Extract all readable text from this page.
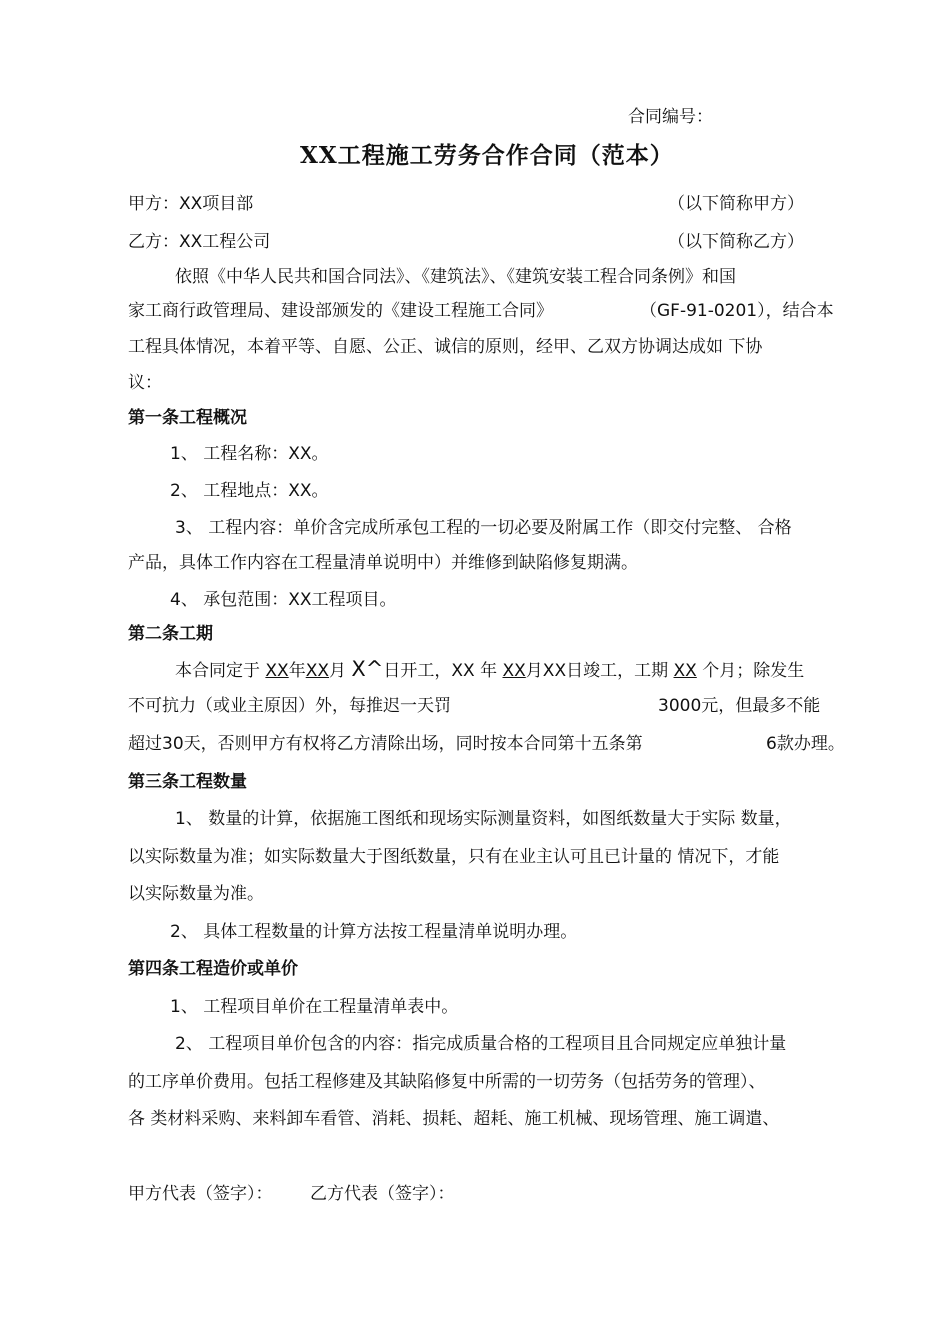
合同编号：
XX工程施工劳务合作合同（范本）
甲方：XX项目部	（以下简称甲方）
乙方：XX工程公司	（以下简称乙方）
依照《中华人民共和国合同法》、《建筑法》、《建筑安装工程合同条例》和国
家工商行政管理局、建设部颁发的《建设工程施工合同》	（GF-91-0201），结合本
工程具体情况，本着平等、自愿、公正、诚信的原则，经甲、乙双方协调达成如 下协
议：
第一条工程概况
1、 工程名称：XX。
2、 工程地点：XX。
3、 工程内容：单价含完成所承包工程的一切必要及附属工作（即交付完整、 合格
产品，具体工作内容在工程量清单说明中）并维修到缺陷修复期满。
4、 承包范围：XX工程项目。
第二条工期
本合同定于 XX年XX月 X^日开工，XX 年 XX月XX日竣工，工期 XX 个月；除发生
不可抗力（或业主原因）外，每推迟一天罚	3000元，但最多不能
超过30天，否则甲方有权将乙方清除出场，同时按本合同第十五条第	6款办理。
第三条工程数量
1、 数量的计算，依据施工图纸和现场实际测量资料，如图纸数量大于实际 数量，
以实际数量为准；如实际数量大于图纸数量，只有在业主认可且已计量的 情况下，才能
以实际数量为准。
2、 具体工程数量的计算方法按工程量清单说明办理。
第四条工程造价或单价
1、 工程项目单价在工程量清单表中。
2、 工程项目单价包含的内容：指完成质量合格的工程项目且合同规定应单独计量
的工序单价费用。包括工程修建及其缺陷修复中所需的一切劳务（包括劳务的管理）、
各 类材料采购、来料卸车看管、消耗、损耗、超耗、施工机械、现场管理、施工调遣、
甲方代表（签字）： 乙方代表（签字）：
